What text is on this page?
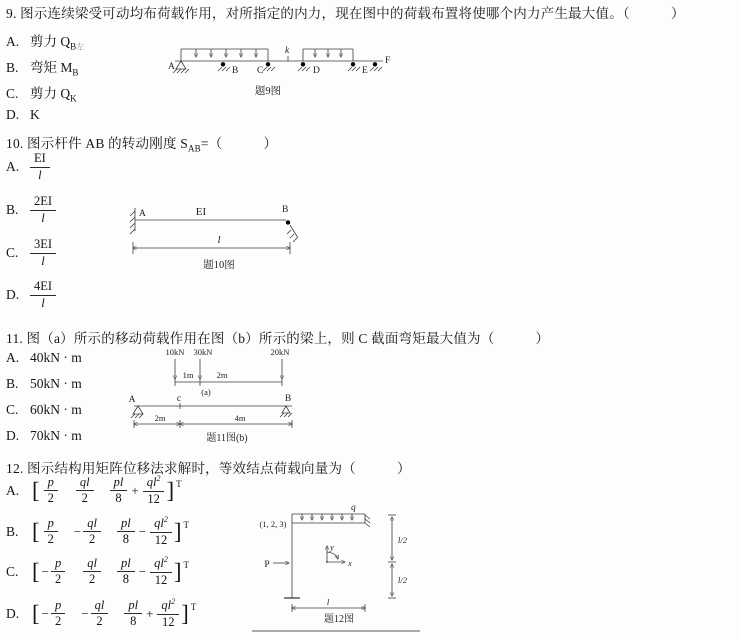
9. 图示连续梁受可动均布荷载作用，对所指定的内力，现在图中的荷载布置将使哪个内力产生最大值。（　　　）
A. 剪力 $Q_{B左}$
B. 弯矩 $M_B$
C. 剪力 $Q_K$
D. K
A	B C	D	E
F
k
题9图
10. 图示杆件 AB 的转动刚度 $S_{AB}=$（　　　）
A. $\frac{EI}{l}$
B. $\frac{2EI}{l}$
C. $\frac{3EI}{l}$
D. $\frac{4EI}{l}$
A	EI	B
l
题10图
11. 图（a）所示的移动荷载作用在图（b）所示的梁上，则 C 截面弯矩最大值为（　　　）
A. 40kN · m
B. 50kN · m
C. 60kN · m
D. 70kN · m
10kN 30kN	20kN
1m	2m
(a)
A	c	B
2m	4m
题11图(b)
12. 图示结构用矩阵位移法求解时，等效结点荷载向量为（　　　）
A. [ $\frac{p}{2} \frac{ql}{2} \frac{pl}{8} + \frac{ql^2}{12}$ ] T
B. [ $\frac{p}{2} - \frac{ql}{2} \frac{pl}{8} - \frac{ql^2}{12}$ ] T
C. [ − $\frac{p}{2} \frac{ql}{2} \frac{pl}{8} - \frac{ql^2}{12}$ ] T
D. [ − $\frac{p}{2} - \frac{ql}{2} \frac{pl}{8} + \frac{ql^2}{12}$ ] T
(1, 2, 3)
q
P
y
x
l/2
l/2
l
题12图
